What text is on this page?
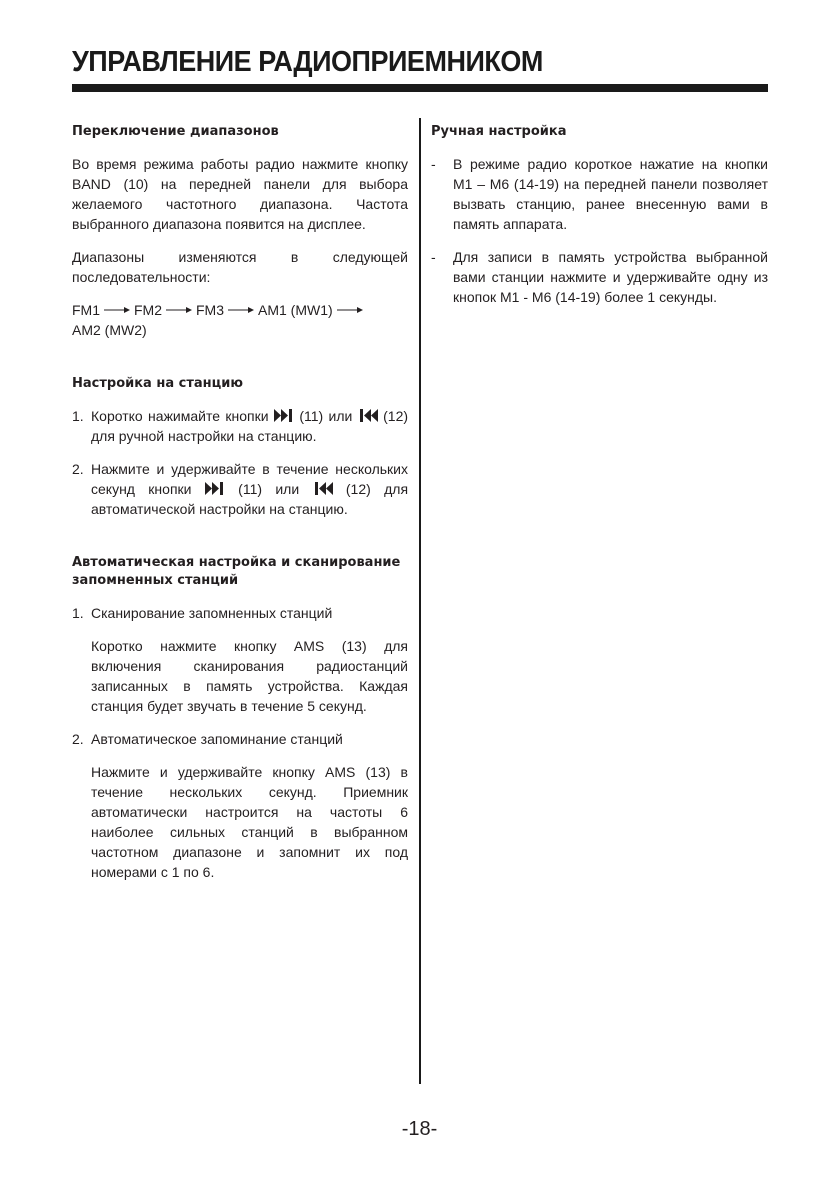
УПРАВЛЕНИЕ РАДИОПРИЕМНИКОМ
Переключение диапазонов

Во время режима работы радио нажмите кнопку BAND (10) на передней панели для выбора желаемого частотного диапазона. Частота выбранного диапазона появится на дисплее.

Диапазоны изменяются в следующей последовательности:

FM1 FM2 FM3 AM1 (MW1)
AM2 (MW2)
Настройка на станцию
1. Коротко нажимайте кнопки (11) или (12) для ручной настройки на станцию.
2. Нажмите и удерживайте в течение нескольких секунд кнопки	(11) или	(12) для автоматической настройки на станцию.
Автоматическая настройка и сканирование запомненных станций
1. Сканирование запомненных станций
Коротко нажмите кнопку AMS (13) для включения сканирования радиостанций записанных в память устройства. Каждая станция будет звучать в течение 5 секунд.
2. Автоматическое запоминание станций
Нажмите и удерживайте кнопку AMS (13) в течение нескольких секунд. Приемник автоматически настроится на частоты 6 наиболее сильных станций в выбранном частотном диапазоне и запомнит их под номерами с 1 по 6.
Ручная настройка
- В режиме радио короткое нажатие на кнопки M1 – M6 (14-19) на передней панели позволяет вызвать станцию, ранее внесенную вами в память аппарата.
- Для записи в память устройства выбранной вами станции нажмите и удерживайте одну из кнопок M1 - M6 (14-19) более 1 секунды.
-18-
